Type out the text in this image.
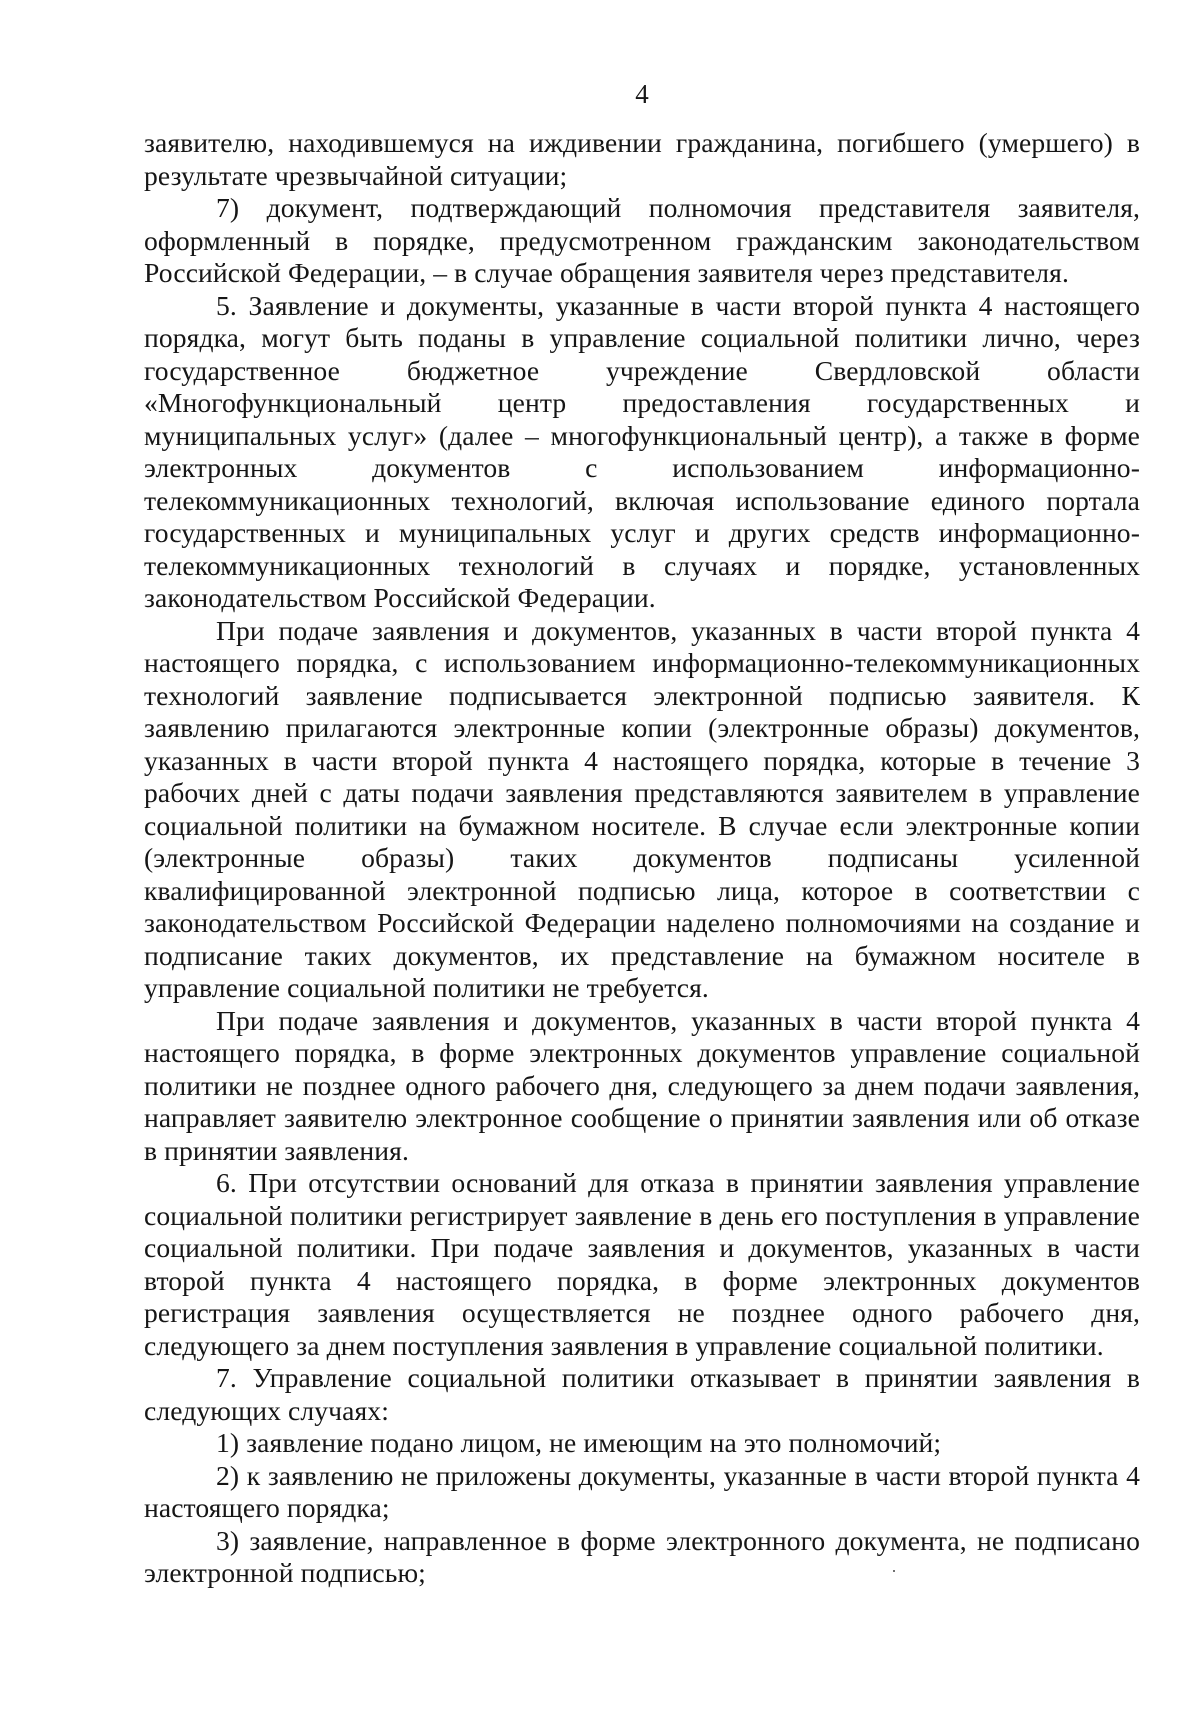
4

заявителю, находившемуся на иждивении гражданина, погибшего (умершего) в результате чрезвычайной ситуации;

7) документ, подтверждающий полномочия представителя заявителя, оформленный в порядке, предусмотренном гражданским законодательством Российской Федерации, – в случае обращения заявителя через представителя.

5. Заявление и документы, указанные в части второй пункта 4 настоящего порядка, могут быть поданы в управление социальной политики лично, через государственное бюджетное учреждение Свердловской области «Многофункциональный центр предоставления государственных и муниципальных услуг» (далее – многофункциональный центр), а также в форме электронных документов с использованием информационно-телекоммуникационных технологий, включая использование единого портала государственных и муниципальных услуг и других средств информационно-телекоммуникационных технологий в случаях и порядке, установленных законодательством Российской Федерации.

При подаче заявления и документов, указанных в части второй пункта 4 настоящего порядка, с использованием информационно-телекоммуникационных технологий заявление подписывается электронной подписью заявителя. К заявлению прилагаются электронные копии (электронные образы) документов, указанных в части второй пункта 4 настоящего порядка, которые в течение 3 рабочих дней с даты подачи заявления представляются заявителем в управление социальной политики на бумажном носителе. В случае если электронные копии (электронные образы) таких документов подписаны усиленной квалифицированной электронной подписью лица, которое в соответствии с законодательством Российской Федерации наделено полномочиями на создание и подписание таких документов, их представление на бумажном носителе в управление социальной политики не требуется.

При подаче заявления и документов, указанных в части второй пункта 4 настоящего порядка, в форме электронных документов управление социальной политики не позднее одного рабочего дня, следующего за днем подачи заявления, направляет заявителю электронное сообщение о принятии заявления или об отказе в принятии заявления.

6. При отсутствии оснований для отказа в принятии заявления управление социальной политики регистрирует заявление в день его поступления в управление социальной политики. При подаче заявления и документов, указанных в части второй пункта 4 настоящего порядка, в форме электронных документов регистрация заявления осуществляется не позднее одного рабочего дня, следующего за днем поступления заявления в управление социальной политики.

7. Управление социальной политики отказывает в принятии заявления в следующих случаях:

1) заявление подано лицом, не имеющим на это полномочий;

2) к заявлению не приложены документы, указанные в части второй пункта 4 настоящего порядка;

3) заявление, направленное в форме электронного документа, не подписано электронной подписью;
